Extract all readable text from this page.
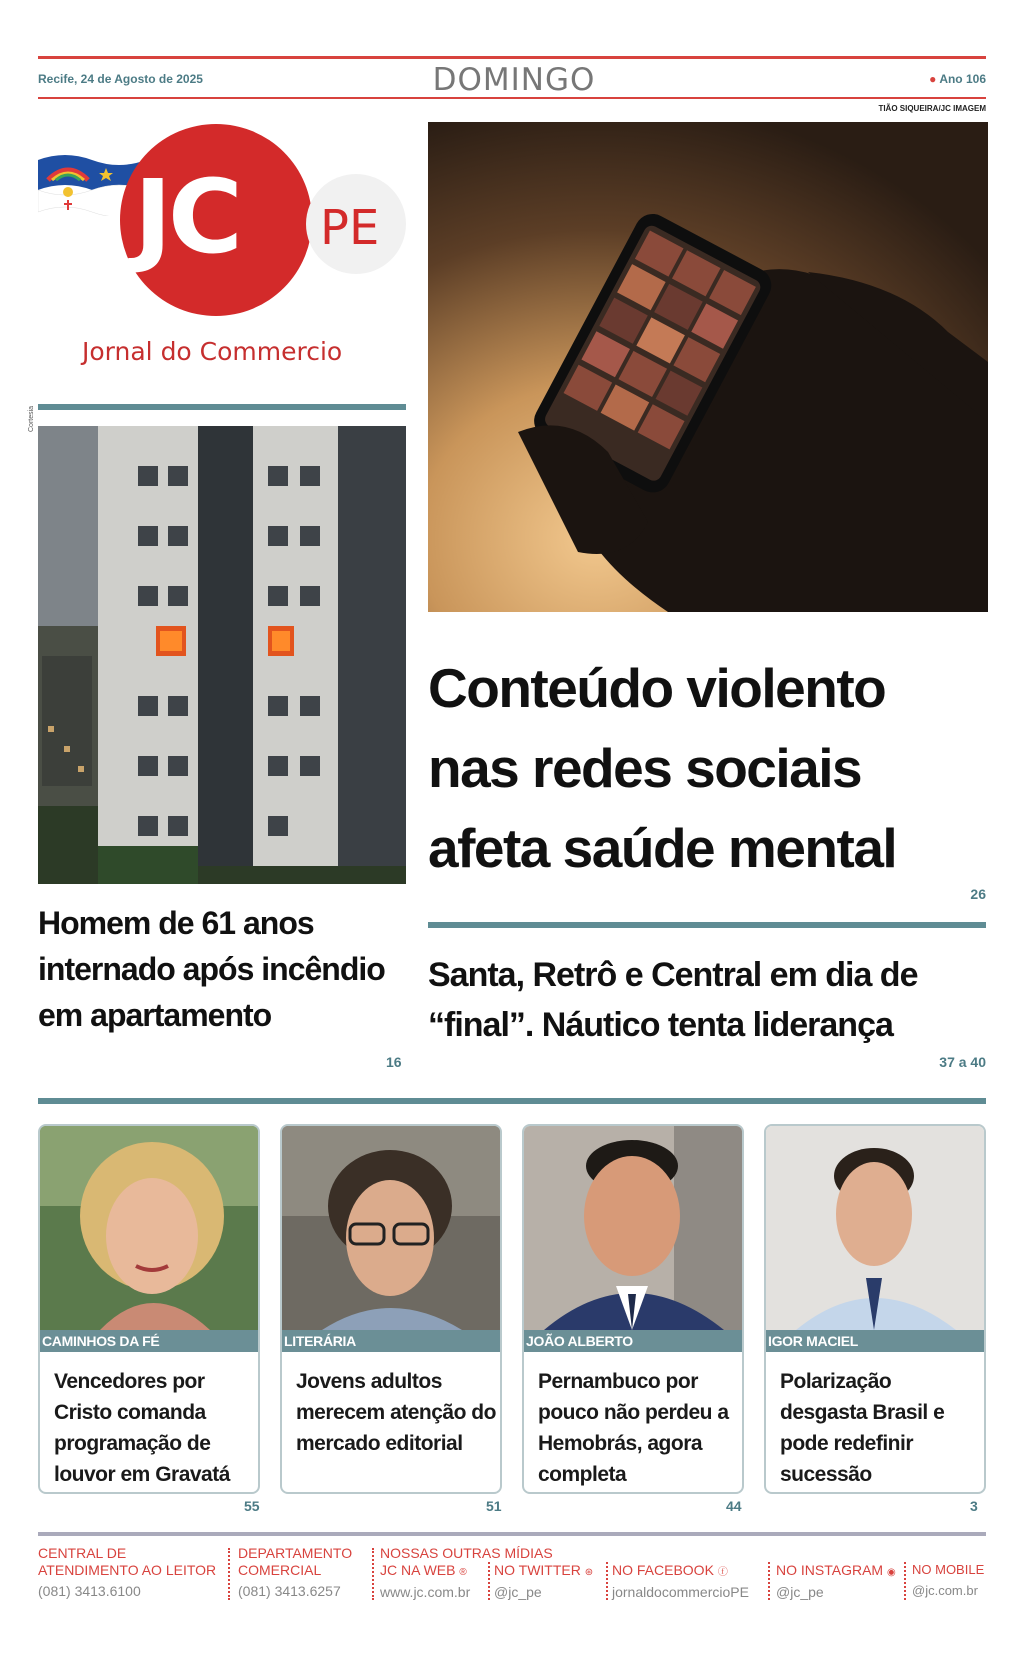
Recife, 24 de Agosto de 2025	DOMINGO	● Ano 106
TIÃO SIQUEIRA/JC IMAGEM
Cortesia
JC PE
Jornal do Commercio
Conteúdo violento nas redes sociais afeta saúde mental
26
Homem de 61 anos internado após incêndio em apartamento
16
Santa, Retrô e Central em dia de “final”. Náutico tenta liderança
37 a 40
CAMINHOS DA FÉ
Vencedores por Cristo comanda programação de louvor em Gravatá
55
LITERÁRIA
Jovens adultos merecem atenção do mercado editorial
51
JOÃO ALBERTO
Pernambuco por pouco não perdeu a Hemobrás, agora completa
44
IGOR MACIEL
Polarização desgasta Brasil e pode redefinir sucessão
3
CENTRAL DE ATENDIMENTO AO LEITOR
(081) 3413.6100
DEPARTAMENTO COMERCIAL
(081) 3413.6257
NOSSAS OUTRAS MÍDIAS
JC NA WEB ®
www.jc.com.br
NO TWITTER ⊛
@jc_pe
NO FACEBOOK ⓕ
jornaldocommercioPE
NO INSTAGRAM ◉
@jc_pe
NO MOBILE
@jc.com.br
